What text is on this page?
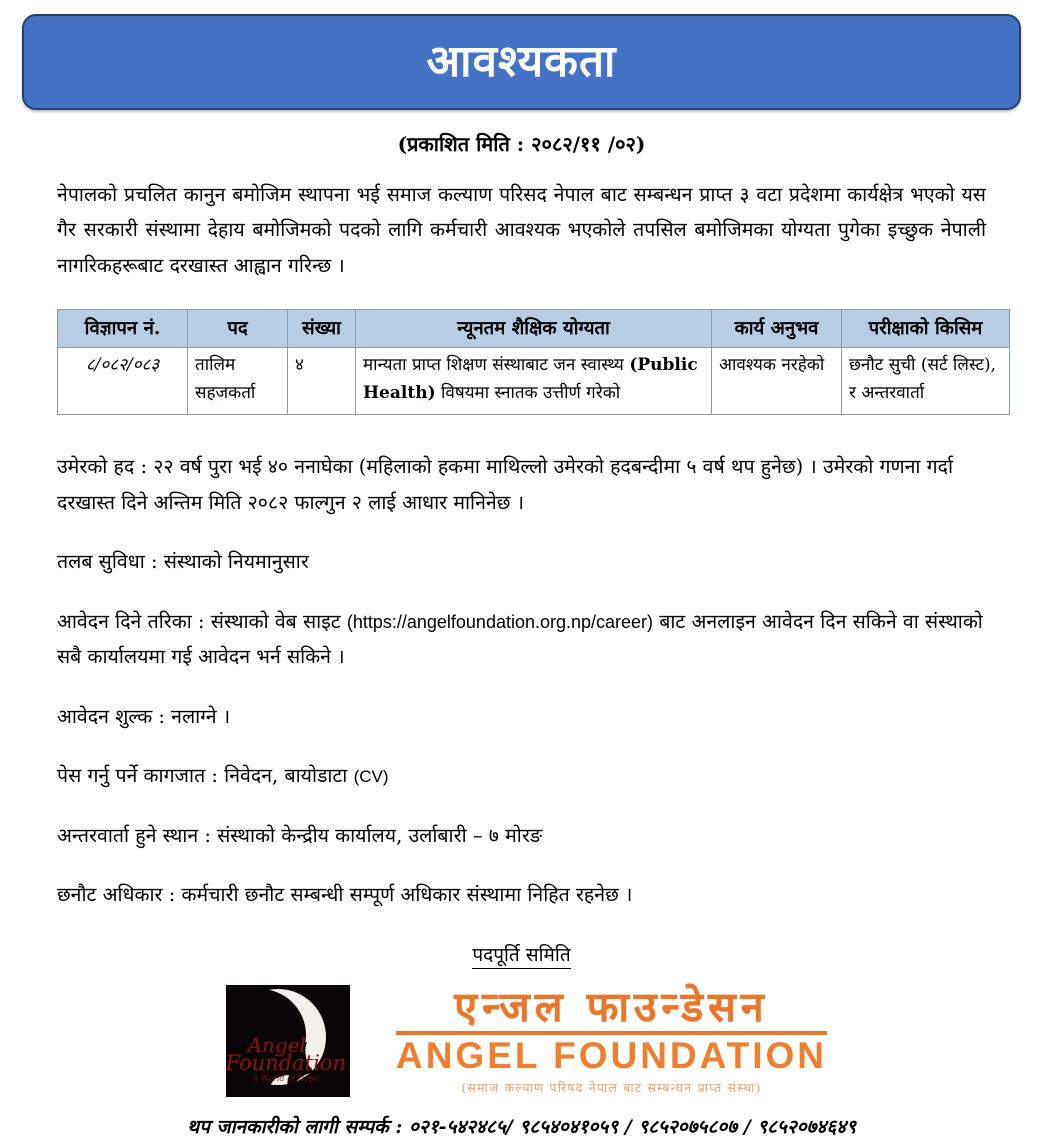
आवश्यकता
(प्रकाशित मिति : २०८२/११ /०२)

नेपालको प्रचलित कानुन बमोजिम स्थापना भई समाज कल्याण परिसद नेपाल बाट सम्बन्धन प्राप्त ३ वटा प्रदेशमा कार्यक्षेत्र भएको यस गैर सरकारी संस्थामा देहाय बमोजिमको पदको लागि कर्मचारी आवश्यक भएकोले तपसिल बमोजिमका योग्यता पुगेका इच्छुक नेपाली नागरिकहरूबाट दरखास्त आह्वान गरिन्छ ।

विज्ञापन नं.	पद	संख्या	न्यूनतम शैक्षिक योग्यता	कार्य अनुभव	परीक्षाको किसिम
८/०८२/०८३	तालिम सहजकर्ता	४	मान्यता प्राप्त शिक्षण संस्थाबाट जन स्वास्थ्य (Public Health) विषयमा स्नातक उत्तीर्ण गरेको	आवश्यक नरहेको	छनौट सुची (सर्ट लिस्ट), र अन्तरवार्ता

उमेरको हद : २२ वर्ष पुरा भई ४० ननाघेका (महिलाको हकमा माथिल्लो उमेरको हदबन्दीमा ५ वर्ष थप हुनेछ) । उमेरको गणना गर्दा दरखास्त दिने अन्तिम मिति २०८२ फाल्गुन २ लाई आधार मानिनेछ ।

तलब सुविधा : संस्थाको नियमानुसार

आवेदन दिने तरिका : संस्थाको वेब साइट (https://angelfoundation.org.np/career) बाट अनलाइन आवेदन दिन सकिने वा संस्थाको सबै कार्यालयमा गई आवेदन भर्न सकिने ।

आवेदन शुल्क : नलाग्ने ।

पेस गर्नु पर्ने कागजात : निवेदन, बायोडाटा (CV)

अन्तरवार्ता हुने स्थान : संस्थाको केन्द्रीय कार्यालय, उर्लाबारी – ७ मोरङ

छनौट अधिकार : कर्मचारी छनौट सम्बन्धी सम्पूर्ण अधिकार संस्थामा निहित रहनेछ ।

पदपूर्ति समिति
Angel
Foundation
A World of Hope
एन्जल फाउन्डेसन
ANGEL FOUNDATION
(समाज कल्याण परिषद नेपाल बाट सम्बन्धन प्राप्त संस्था)
थप जानकारीको लागी सम्पर्क : ०२१-५४२४८५/ ९८५४०४१०५९ / ९८५२०७५८०७ / ९८५२०७४६४९
